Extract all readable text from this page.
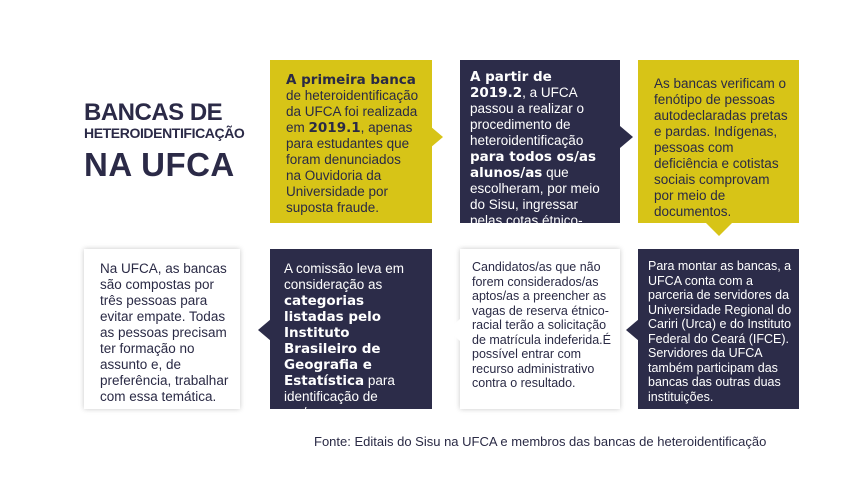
BANCAS DE
HETEROIDENTIFICAÇÃO
NA UFCA
A primeira banca de heteroidentificação da UFCA foi realizada em 2019.1, apenas para estudantes que foram denunciados na Ouvidoria da Universidade por suposta fraude.
A partir de 2019.2, a UFCA passou a realizar o procedimento de heteroidentificação para todos os/as alunos/as que escolheram, por meio do Sisu, ingressar pelas cotas étnico-raciais.
As bancas verificam o fenótipo de pessoas autodeclaradas pretas e pardas. Indígenas, pessoas com deficiência e cotistas sociais comprovam por meio de documentos.
Para montar as bancas, a UFCA conta com a parceria de servidores da Universidade Regional do Cariri (Urca) e do Instituto Federal do Ceará (IFCE). Servidores da UFCA também participam das bancas das outras duas instituições.
Candidatos/as que não forem considerados/as aptos/as a preencher as vagas de reserva étnico-racial terão a solicitação de matrícula indeferida.É possível entrar com recurso administrativo contra o resultado.
A comissão leva em consideração as categorias listadas pelo Instituto Brasileiro de Geografia e Estatística para identificação de cor/raça.
Na UFCA, as bancas são compostas por três pessoas para evitar empate. Todas as pessoas precisam ter formação no assunto e, de preferência, trabalhar com essa temática.
Fonte: Editais do Sisu na UFCA e membros das bancas de heteroidentificação
